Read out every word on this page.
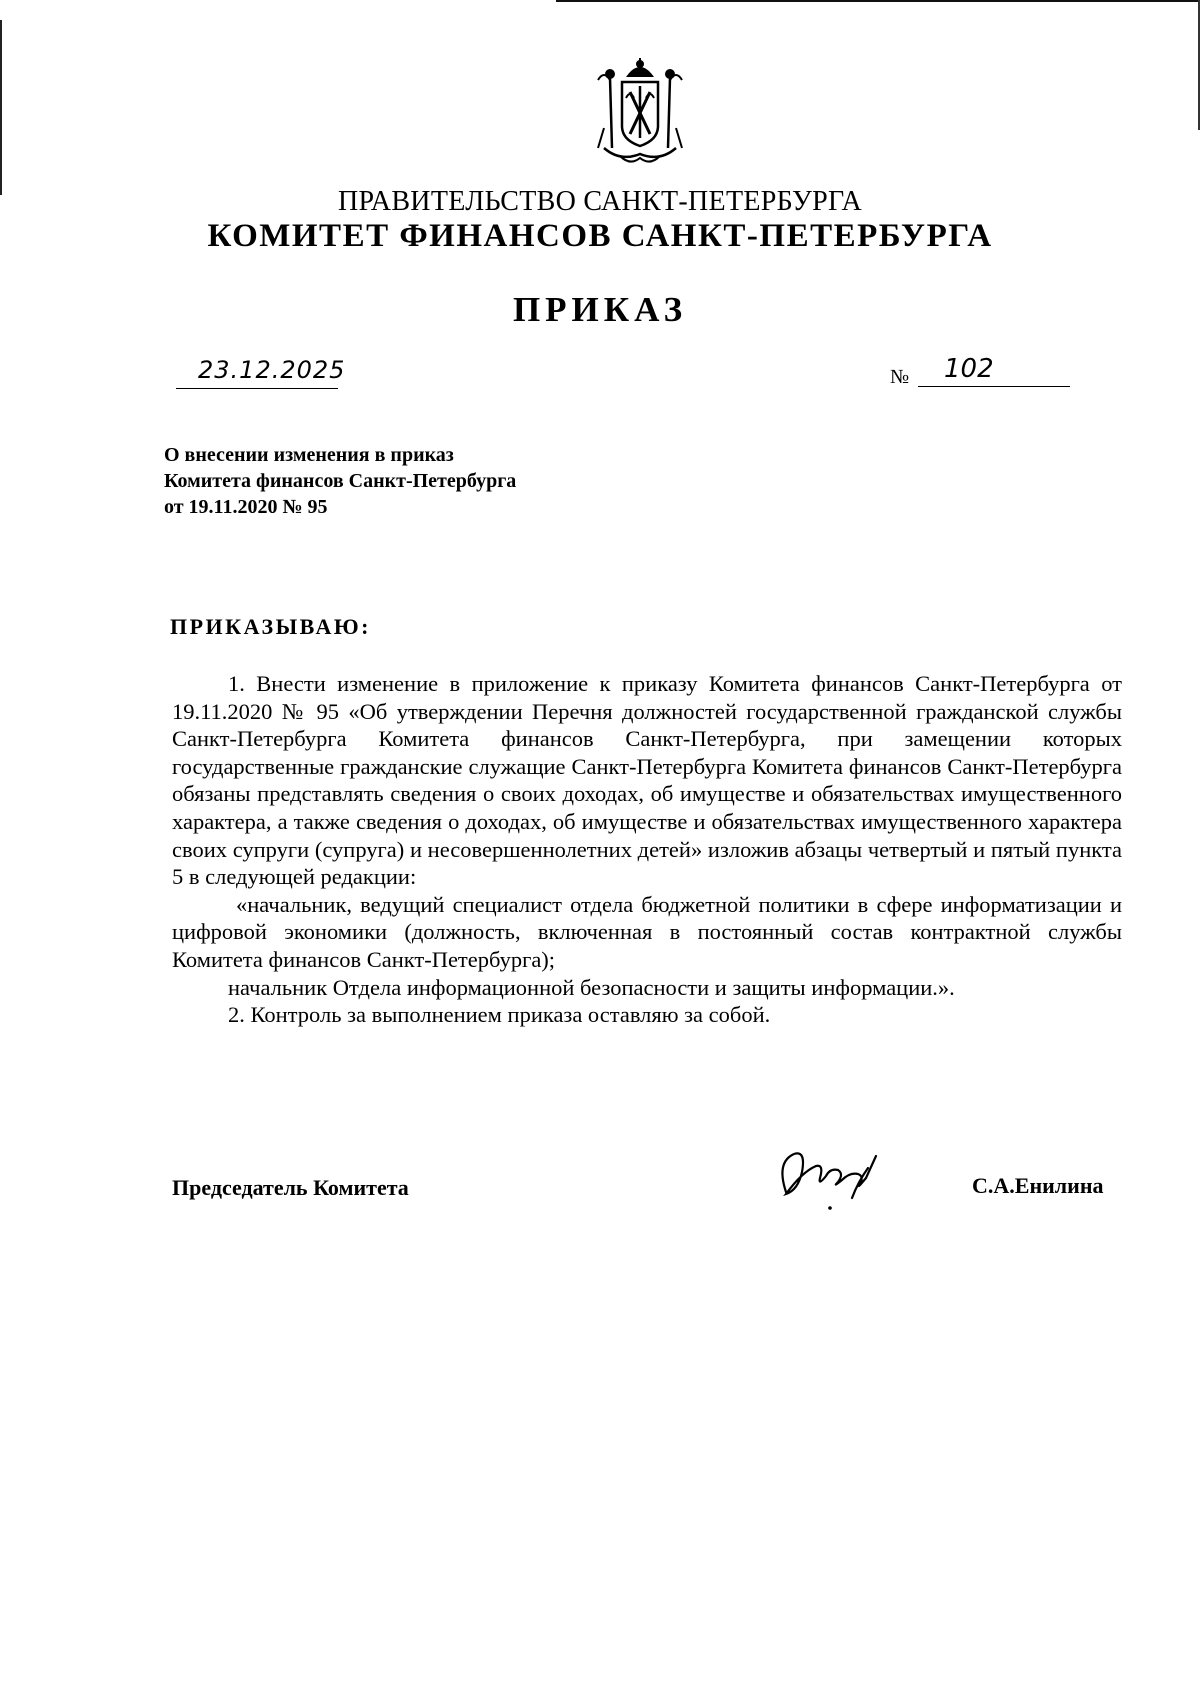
ПРАВИТЕЛЬСТВО САНКТ-ПЕТЕРБУРГА
КОМИТЕТ ФИНАНСОВ САНКТ-ПЕТЕРБУРГА
ПРИКАЗ
23.12.2025	№ 102
О внесении изменения в приказ
Комитета финансов Санкт-Петербурга
от 19.11.2020 № 95
ПРИКАЗЫВАЮ:

1. Внести изменение в приложение к приказу Комитета финансов Санкт-Петербурга от 19.11.2020 № 95 «Об утверждении Перечня должностей государственной гражданской службы Санкт-Петербурга Комитета финансов Санкт-Петербурга, при замещении которых государственные гражданские служащие Санкт-Петербурга Комитета финансов Санкт-Петербурга обязаны представлять сведения о своих доходах, об имуществе и обязательствах имущественного характера, а также сведения о доходах, об имуществе и обязательствах имущественного характера своих супруги (супруга) и несовершеннолетних детей» изложив абзацы четвертый и пятый пункта 5 в следующей редакции:

«начальник, ведущий специалист отдела бюджетной политики в сфере информатизации и цифровой экономики (должность, включенная в постоянный состав контрактной службы Комитета финансов Санкт-Петербурга);

начальник Отдела информационной безопасности и защиты информации.».

2. Контроль за выполнением приказа оставляю за собой.

Председатель Комитета	С.А.Енилина
